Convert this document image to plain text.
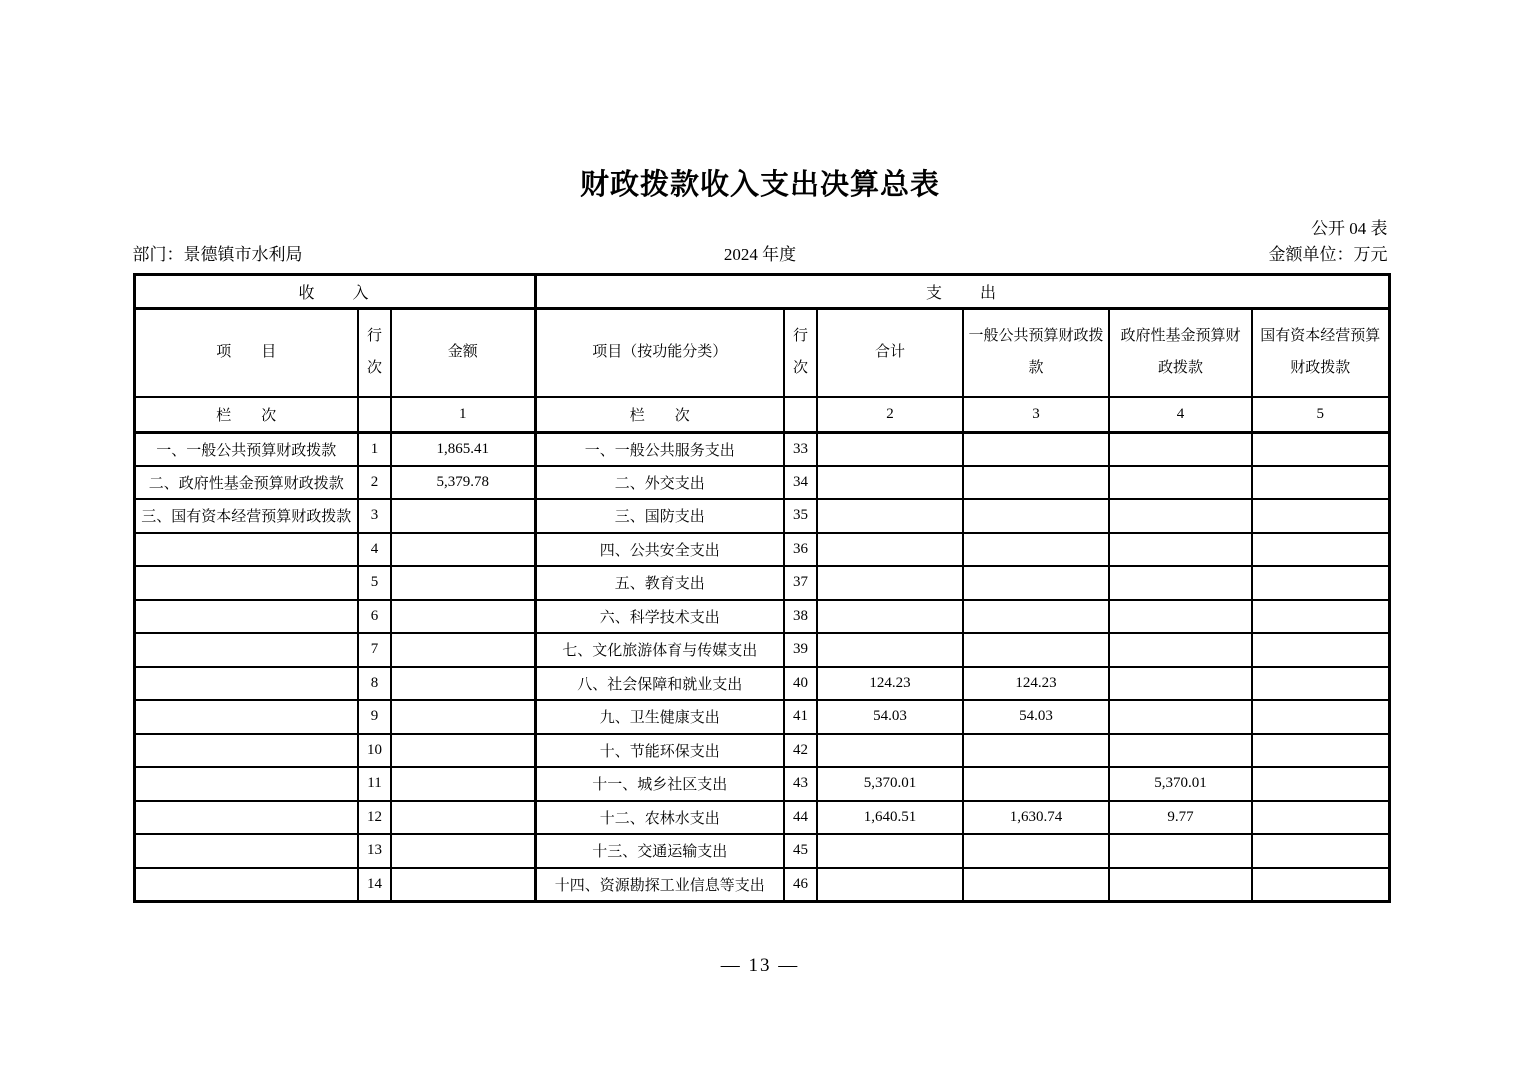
财政拨款收入支出决算总表
公开 04 表
部门：景德镇市水利局	2024 年度	金额单位：万元
收　　入			支　　出					
项　　目	行次	金额	项目（按功能分类）	行次	合计	一般公共预算财政拨款	政府性基金预算财政拨款	国有资本经营预算财政拨款
栏　　次		1	栏　　次		2	3	4	5
一、一般公共预算财政拨款	1	1,865.41	一、一般公共服务支出	33				
二、政府性基金预算财政拨款	2	5,379.78	二、外交支出	34				
三、国有资本经营预算财政拨款	3		三、国防支出	35				
	4		四、公共安全支出	36				
	5		五、教育支出	37				
	6		六、科学技术支出	38				
	7		七、文化旅游体育与传媒支出	39				
	8		八、社会保障和就业支出	40	124.23	124.23		
	9		九、卫生健康支出	41	54.03	54.03		
	10		十、节能环保支出	42				
	11		十一、城乡社区支出	43	5,370.01		5,370.01	
	12		十二、农林水支出	44	1,640.51	1,630.74	9.77	
	13		十三、交通运输支出	45				
	14		十四、资源勘探工业信息等支出	46				
— 13 —
